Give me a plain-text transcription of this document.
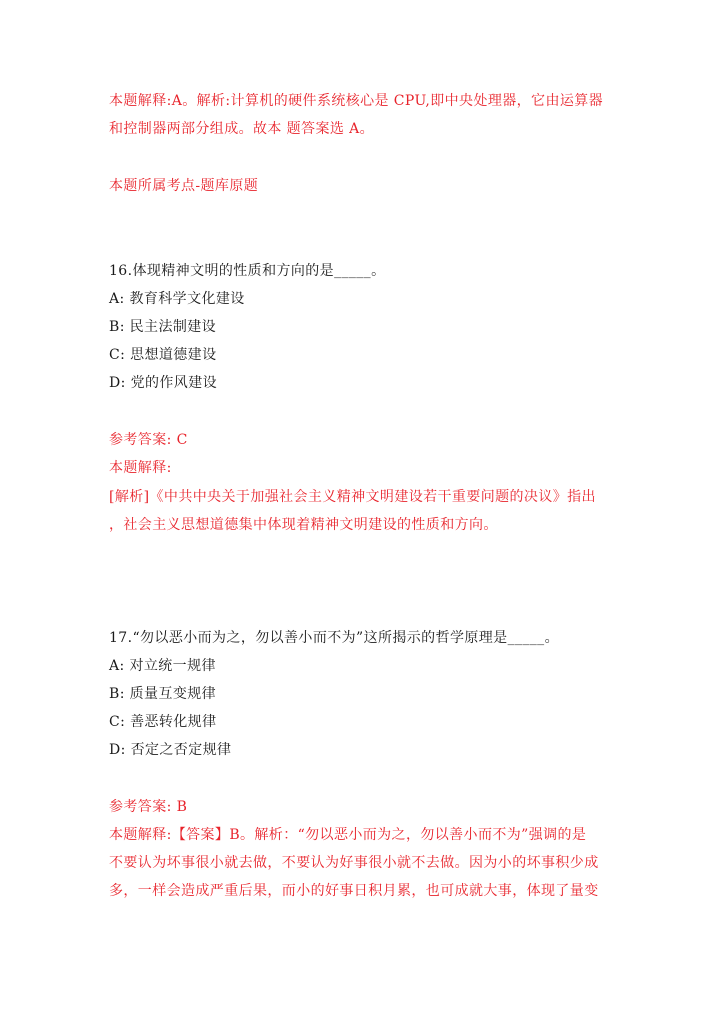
本题解释:A。解析:计算机的硬件系统核心是 CPU,即中央处理器，它由运算器
和控制器两部分组成。故本 题答案选 A。
本题所属考点-题库原题
16.体现精神文明的性质和方向的是_____。
A: 教育科学文化建设
B: 民主法制建设
C: 思想道德建设
D: 党的作风建设
参考答案: C
本题解释:
[解析]《中共中央关于加强社会主义精神文明建设若干重要问题的决议》指出
，社会主义思想道德集中体现着精神文明建设的性质和方向。
17.“勿以恶小而为之，勿以善小而不为”这所揭示的哲学原理是_____。
A: 对立统一规律
B: 质量互变规律
C: 善恶转化规律
D: 否定之否定规律
参考答案: B
本题解释:【答案】B。解析：“勿以恶小而为之，勿以善小而不为”强调的是
不要认为坏事很小就去做，不要认为好事很小就不去做。因为小的坏事积少成
多，一样会造成严重后果，而小的好事日积月累，也可成就大事，体现了量变
